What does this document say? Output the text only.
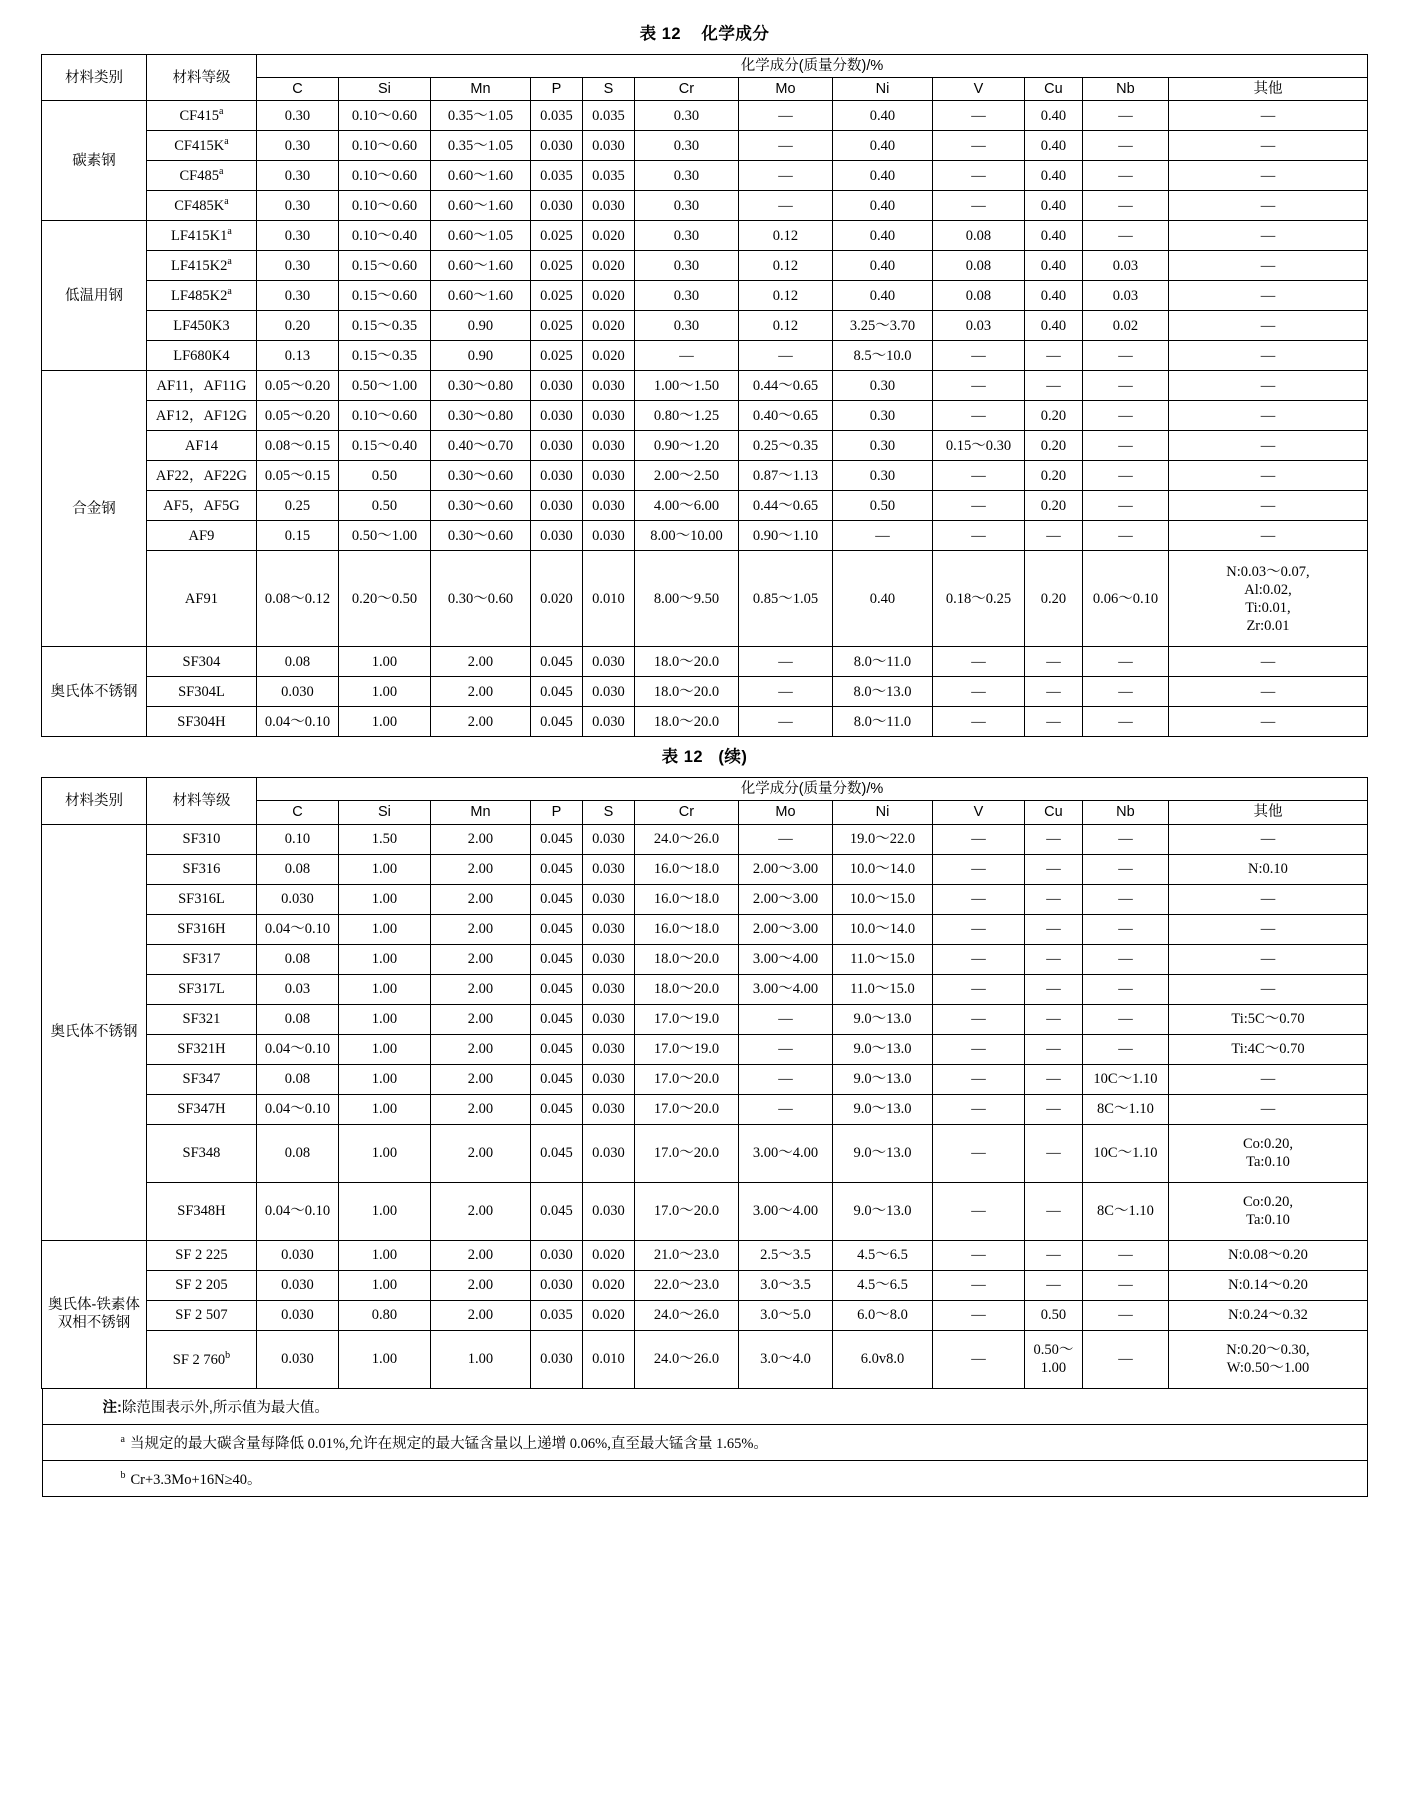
表 12 化学成分
材料类别	材料等级	化学成分(质量分数)/%											
		C	Si	Mn	P	S	Cr	Mo	Ni	V	Cu	Nb	其他
碳素钢	CF415$^a$	0.30	0.10～0.60	0.35～1.05	0.035	0.035	0.30	—	0.40	—	0.40	—	—
	$CF415K^a$	0.30	0.10～0.60	0.35～1.05	0.030	0.030	0.30	—	0.40	—	0.40	—	—
	CF485$^a$	0.30	0.10～0.60	0.60～1.60	0.035	0.035	0.30	—	0.40	—	0.40	—	—
	$CF485K^a$	0.30	0.10～0.60	0.60～1.60	0.030	0.030	0.30	—	0.40	—	0.40	—	—
低温用钢	LF415K1$^a$	0.30	0.10～0.40	0.60～1.05	0.025	0.020	0.30	0.12	0.40	0.08	0.40	—	—
	LF415K2$^a$	0.30	0.15～0.60	0.60～1.60	0.025	0.020	0.30	0.12	0.40	0.08	0.40	0.03	—
	LF485K2$^a$	0.30	0.15～0.60	0.60～1.60	0.025	0.020	0.30	0.12	0.40	0.08	0.40	0.03	—
	LF450K3	0.20	0.15～0.35	0.90	0.025	0.020	0.30	0.12	3.25～3.70	0.03	0.40	0.02	—
	LF680K4	0.13	0.15～0.35	0.90	0.025	0.020	—	—	8.5～10.0	—	—	—	—
合金钢	AF11，AF11G	0.05～0.20	0.50～1.00	0.30～0.80	0.030	0.030	1.00～1.50	0.44～0.65	0.30	—	—	—	—
	AF12，AF12G	0.05～0.20	0.10～0.60	0.30～0.80	0.030	0.030	0.80～1.25	0.40～0.65	0.30	—	0.20	—	—
	AF14	0.08～0.15	0.15～0.40	0.40～0.70	0.030	0.030	0.90～1.20	0.25～0.35	0.30	0.15～0.30	0.20	—	—
	AF22，AF22G	0.05～0.15	0.50	0.30～0.60	0.030	0.030	2.00～2.50	0.87～1.13	0.30	—	0.20	—	—
	AF5，AF5G	0.25	0.50	0.30～0.60	0.030	0.030	4.00～6.00	0.44～0.65	0.50	—	0.20	—	—
	AF9	0.15	0.50～1.00	0.30～0.60	0.030	0.030	8.00～10.00	0.90～1.10	—	—	—	—	—
	AF91	0.08～0.12	0.20～0.50	0.30～0.60	0.020	0.010	8.00～9.50	0.85～1.05	0.40	0.18～0.25	0.20	0.06～0.10	N:0.03～0.07,
Al:0.02,
Ti:0.01,
Zr:0.01
奥氏体不锈钢	SF304	0.08	1.00	2.00	0.045	0.030	18.0～20.0	—	8.0～11.0	—	—	—	—
	SF304L	0.030	1.00	2.00	0.045	0.030	18.0～20.0	—	8.0～13.0	—	—	—	—
	SF304H	0.04～0.10	1.00	2.00	0.045	0.030	18.0～20.0	—	8.0～11.0	—	—	—	—
表 12 (续)
材料类别	材料等级	化学成分(质量分数)/%											
		C	Si	Mn	P	S	Cr	Mo	Ni	V	Cu	Nb	其他
奥氏体不锈钢	SF310	0.10	1.50	2.00	0.045	0.030	24.0～26.0	—	19.0～22.0	—	—	—	—
	SF316	0.08	1.00	2.00	0.045	0.030	16.0～18.0	2.00～3.00	10.0～14.0	—	—	—	N:0.10
	SF316L	0.030	1.00	2.00	0.045	0.030	16.0～18.0	2.00～3.00	10.0～15.0	—	—	—	—
	SF316H	0.04～0.10	1.00	2.00	0.045	0.030	16.0～18.0	2.00～3.00	10.0～14.0	—	—	—	—
	SF317	0.08	1.00	2.00	0.045	0.030	18.0～20.0	3.00～4.00	11.0～15.0	—	—	—	—
	SF317L	0.03	1.00	2.00	0.045	0.030	18.0～20.0	3.00～4.00	11.0～15.0	—	—	—	—
	SF321	0.08	1.00	2.00	0.045	0.030	17.0～19.0	—	9.0～13.0	—	—	—	Ti:5C～0.70
	SF321H	0.04～0.10	1.00	2.00	0.045	0.030	17.0～19.0	—	9.0～13.0	—	—	—	Ti:4C～0.70
	SF347	0.08	1.00	2.00	0.045	0.030	17.0～20.0	—	9.0～13.0	—	—	10C～1.10	—
	SF347H	0.04～0.10	1.00	2.00	0.045	0.030	17.0～20.0	—	9.0～13.0	—	—	8C～1.10	—
	SF348	0.08	1.00	2.00	0.045	0.030	17.0～20.0	3.00～4.00	9.0～13.0	—	—	10C～1.10	Co:0.20,
Ta:0.10
	SF348H	0.04～0.10	1.00	2.00	0.045	0.030	17.0～20.0	3.00～4.00	9.0～13.0	—	—	8C～1.10	Co:0.20,
Ta:0.10
奥氏体-铁素体
双相不锈钢	SF 2 225	0.030	1.00	2.00	0.030	0.020	21.0～23.0	2.5～3.5	4.5～6.5	—	—	—	N:0.08～0.20
	SF 2 205	0.030	1.00	2.00	0.030	0.020	22.0～23.0	3.0～3.5	4.5～6.5	—	—	—	N:0.14～0.20
	SF 2 507	0.030	0.80	2.00	0.035	0.020	24.0～26.0	3.0～5.0	6.0～8.0	—	0.50	—	N:0.24～0.32
	SF 2 760$^b$	0.030	1.00	1.00	0.030	0.010	24.0～26.0	3.0～4.0	6.0v8.0	—	0.50～
1.00	—	N:0.20～0.30,
W:0.50～1.00
注:除范围表示外,所示值为最大值。
$^a$ 当规定的最大碳含量每降低 0.01%,允许在规定的最大锰含量以上递增 0.06%,直至最大锰含量 1.65%。
$^b$ Cr+3.3Mo+16N≥40。
